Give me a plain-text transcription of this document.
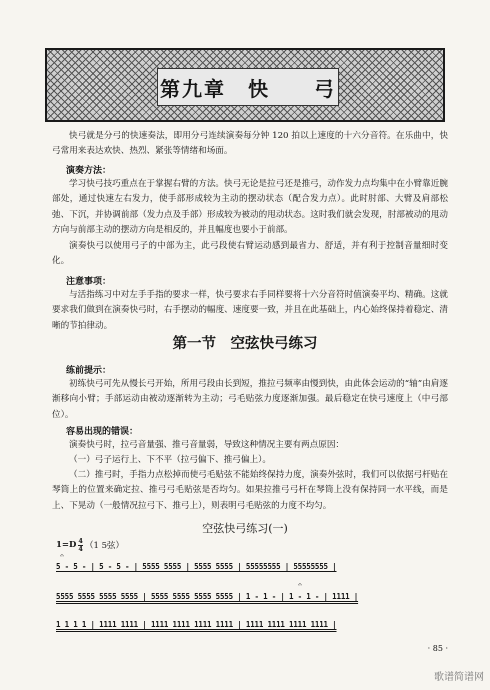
第九章　快　　弓

快弓就是分弓的快速奏法，即用分弓连续演奏每分钟 120 拍以上速度的十六分音符。在乐曲中，快弓常用来表达欢快、热烈、紧张等情绪和场面。

演奏方法：

学习快弓技巧重点在于掌握右臂的方法。快弓无论是拉弓还是推弓，动作发力点均集中在小臂靠近腕部处，通过快速左右发力，使手部形成较为主动的摆动状态（配合发力点）。此时肘部、大臂及肩部松弛、下沉，并协调前部（发力点及手部）形成较为被动的甩动状态。这时我们就会发现，肘部被动的甩动方向与前部主动的摆动方向是相反的，并且幅度也要小于前部。

演奏快弓以使用弓子的中部为主，此弓段使右臂运动感到最省力、舒适，并有利于控制音量细时变化。

注意事项：

与活指练习中对左手手指的要求一样，快弓要求右手同样要将十六分音符时值演奏平均、精确。这就要求我们做到在演奏快弓时，右手摆动的幅度、速度要一致，并且在此基础上，内心始终保持着稳定、清晰的节拍律动。

第一节　空弦快弓练习

练前提示：

初练快弓可先从慢长弓开始，所用弓段由长到短，推拉弓频率由慢到快，由此体会运动的“轴”由肩逐渐移向小臂；手部运动由被动逐渐转为主动；弓毛贴弦力度逐渐加强。最后稳定在快弓速度上（中弓部位）。

容易出现的错误：

演奏快弓时，拉弓音量强、推弓音量弱，导致这种情况主要有两点原因：

（一）弓子运行上、下不平（拉弓偏下、推弓偏上）。

（二）推弓时，手指力点松掉而使弓毛贴弦不能始终保持力度，演奏外弦时，我们可以依据弓杆贴在琴筒上的位置来确定拉、推弓弓毛贴弦是否均匀。如果拉推弓弓杆在琴筒上没有保持同一水平线，而是上、下晃动（一般情况拉弓下、推弓上），则表明弓毛贴弦的力度不均匀。

空弦快弓练习(一)

$1=D \frac{4}{4} (1$ 5弦）
𝄐

5 - 5 - | 5 - 5 - | 5555 5555 | 5555 5555 | 55555555 | 55555555 |

𝄐

5555 5555 5555 5555 | 5555 5555 5555 5555 | 1 - 1 - | 1 - 1 - | 1111 |

1 1 1 1 | 1111 1111 | 1111 1111 1111 1111 | 1111 1111 1111 1111 |

· 85 ·

歌谱简谱网
